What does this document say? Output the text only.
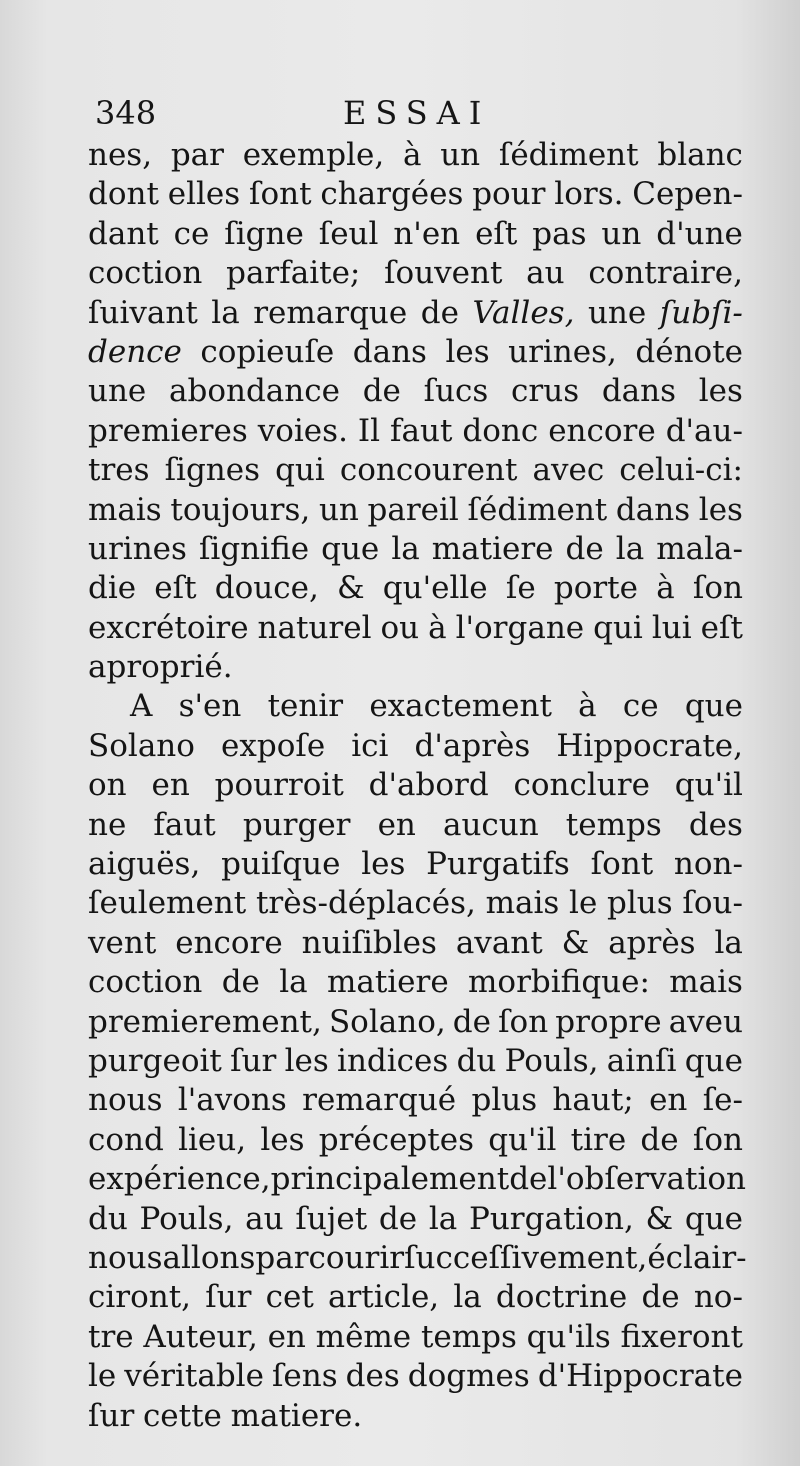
348	ESSAI
nes, par exemple, à un ſédiment blanc
dont elles ſont chargées pour lors. Cepen-
dant ce ſigne ſeul n'en eſt pas un d'une
coction parfaite; ſouvent au contraire,
ſuivant la remarque de Valles, une ſubſi-
dence copieuſe dans les urines, dénote
une abondance de ſucs crus dans les
premieres voies. Il faut donc encore d'au-
tres ſignes qui concourent avec celui-ci:
mais toujours, un pareil ſédiment dans les
urines ſignifie que la matiere de la mala-
die eſt douce, & qu'elle ſe porte à ſon
excrétoire naturel ou à l'organe qui lui eſt
aproprié.
A s'en tenir exactement à ce que
Solano expoſe ici d'après Hippocrate,
on en pourroit d'abord conclure qu'il
ne faut purger en aucun temps des
aiguës, puiſque les Purgatifs ſont non-
ſeulement très-déplacés, mais le plus ſou-
vent encore nuiſibles avant & après la
coction de la matiere morbifique: mais
premierement, Solano, de ſon propre aveu
purgeoit ſur les indices du Pouls, ainſi que
nous l'avons remarqué plus haut; en ſe-
cond lieu, les préceptes qu'il tire de ſon
expérience, principalement de l'obſervation
du Pouls, au ſujet de la Purgation, & que
nous allons parcourir ſucceſſivement, éclair-
ciront, ſur cet article, la doctrine de no-
tre Auteur, en même temps qu'ils fixeront
le véritable ſens des dogmes d'Hippocrate
ſur cette matiere.
